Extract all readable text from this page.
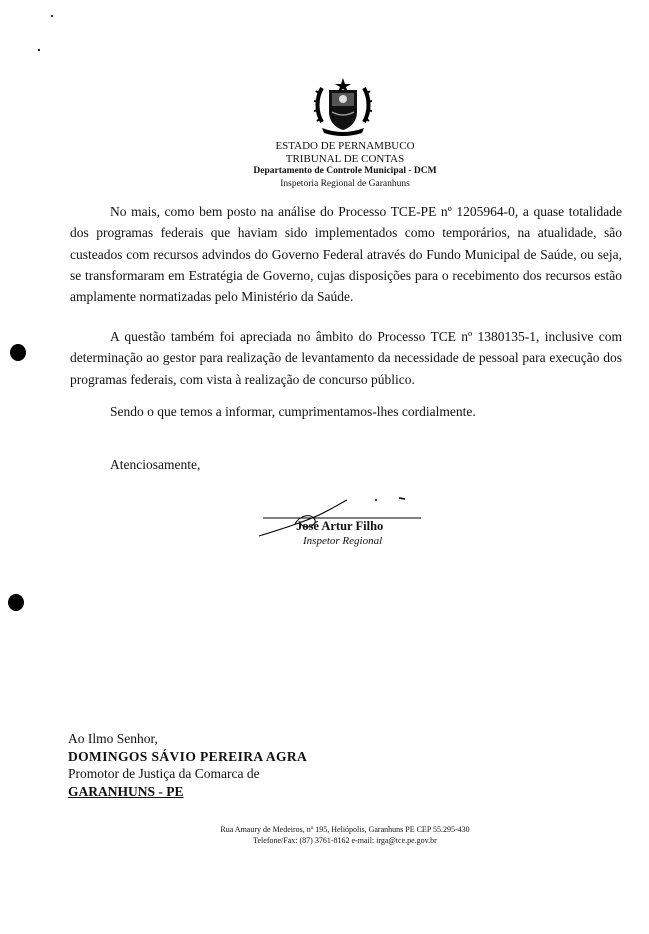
ESTADO DE PERNAMBUCO
TRIBUNAL DE CONTAS
Departamento de Controle Municipal - DCM
Inspetoria Regional de Garanhuns
No mais, como bem posto na análise do Processo TCE-PE nº 1205964-0, a quase totalidade dos programas federais que haviam sido implementados como temporários, na atualidade, são custeados com recursos advindos do Governo Federal através do Fundo Municipal de Saúde, ou seja, se transformaram em Estratégia de Governo, cujas disposições para o recebimento dos recursos estão amplamente normatizadas pelo Ministério da Saúde.
A questão também foi apreciada no âmbito do Processo TCE nº 1380135-1, inclusive com determinação ao gestor para realização de levantamento da necessidade de pessoal para execução dos programas federais, com vista à realização de concurso público.
Sendo o que temos a informar, cumprimentamos-lhes cordialmente.
Atenciosamente,
José Artur Filho
Inspetor Regional
Ao Ilmo Senhor,
DOMINGOS SÁVIO PEREIRA AGRA
Promotor de Justiça da Comarca de
GARANHUNS - PE
Rua Amaury de Medeiros, nº 195, Heliópolis, Garanhuns PE CEP 55.295-430
Telefone/Fax: (87) 3761-8162 e-mail: irga@tce.pe.gov.br
